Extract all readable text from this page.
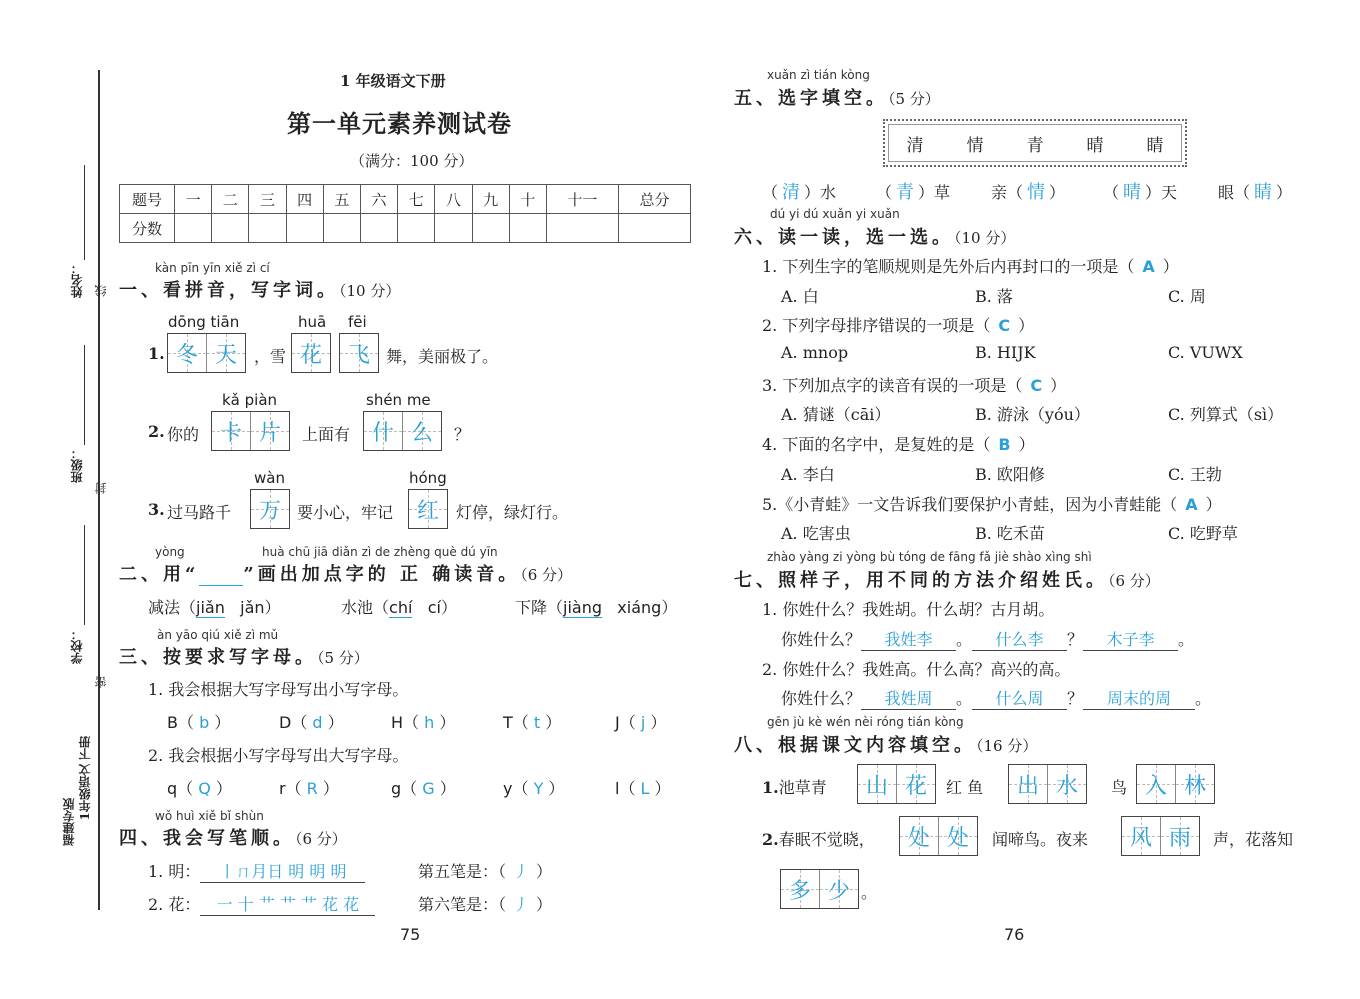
姓名：
班级：
学校：
线
封
密
福建专版
1年级语文 下册
1 年级语文下册
第一单元素养测试卷
（满分：100 分）
题号	一	二	三	四	五	六	七	八	九	十	十一	总分
分数												
kàn pīn yīn xiě zì cí
一、看拼音，写字词。（10 分）
dōng tiān	huā fēi
1. 冬 天 ，雪 花 飞 舞，美丽极了。
kǎ piàn	shén me
2. 你的 卡 片 上面有 什 么 ？
wàn	hóng
3. 过马路千 万 要小心，牢记 红 灯停，绿灯行。
yòng	huà chū jiā diǎn zì de zhèng què dú yīn
二、用“ ”画出加点字的 正 确读音。（6 分）
减法（jiǎn jǎn）	水池（chí cí）	下降（jiàng xiáng）
àn yāo qiú xiě zì mǔ
三、按要求写字母。（5 分）
1. 我会根据大写字母写出小写字母。
B（ b ）	D（ d ）	H（ h ）	T（ t ）	J（ j ）
2. 我会根据小写字母写出大写字母。
q（ Q ）	r（ R ）	g（ G ）	y（ Y ）	l（ L ）
wǒ huì xiě bǐ shùn
四、我会写笔顺。（6 分）
1. 明： 丨ㄇ月日 明 明 明	第五笔是：（ 丿 ）
2. 花： 一 十 艹 艹 艹 花 花	第六笔是：（ 丿 ）
75
xuǎn zì tián kòng
五、选字填空。（5 分）
清	情	青	晴	睛
（ 清 ）水 （ 青 ）草	亲（ 情 ） （ 晴 ）天	眼（ 睛 ）
dú yi dú xuǎn yi xuǎn
六、读一读，选一选。（10 分）
1. 下列生字的笔顺规则是先外后内再封口的一项是（ A ）
A. 白	B. 落	C. 周
2. 下列字母排序错误的一项是（ C ）
A. mnop	B. HIJK	C. VUWX
3. 下列加点字的读音有误的一项是（ C ）
A. 猜谜（cāi）	B. 游泳（yóu）	C. 列算式（sì）
4. 下面的名字中，是复姓的是（ B ）
A. 李白	B. 欧阳修	C. 王勃
5.《小青蛙》一文告诉我们要保护小青蛙，因为小青蛙能（ A ）
A. 吃害虫	B. 吃禾苗	C. 吃野草
zhào yàng zi yòng bù tóng de fāng fǎ jiè shào xìng shì
七、照样子，用不同的方法介绍姓氏。（6 分）
1. 你姓什么？我姓胡。什么胡？古月胡。
你姓什么？ 我姓李 。 什么李 ？ 木子李 。
2. 你姓什么？我姓高。什么高？高兴的高。
你姓什么？ 我姓周 。 什么周 ？ 周末的周 。
gēn jù kè wén nèi róng tián kòng
八、根据课文内容填空。（16 分）
1.池草青 山 花 红 鱼 出 水 鸟 入 林
2.春眠不觉晓， 处 处 闻啼鸟。夜来 风 雨 声，花落知
多 少 。
76
